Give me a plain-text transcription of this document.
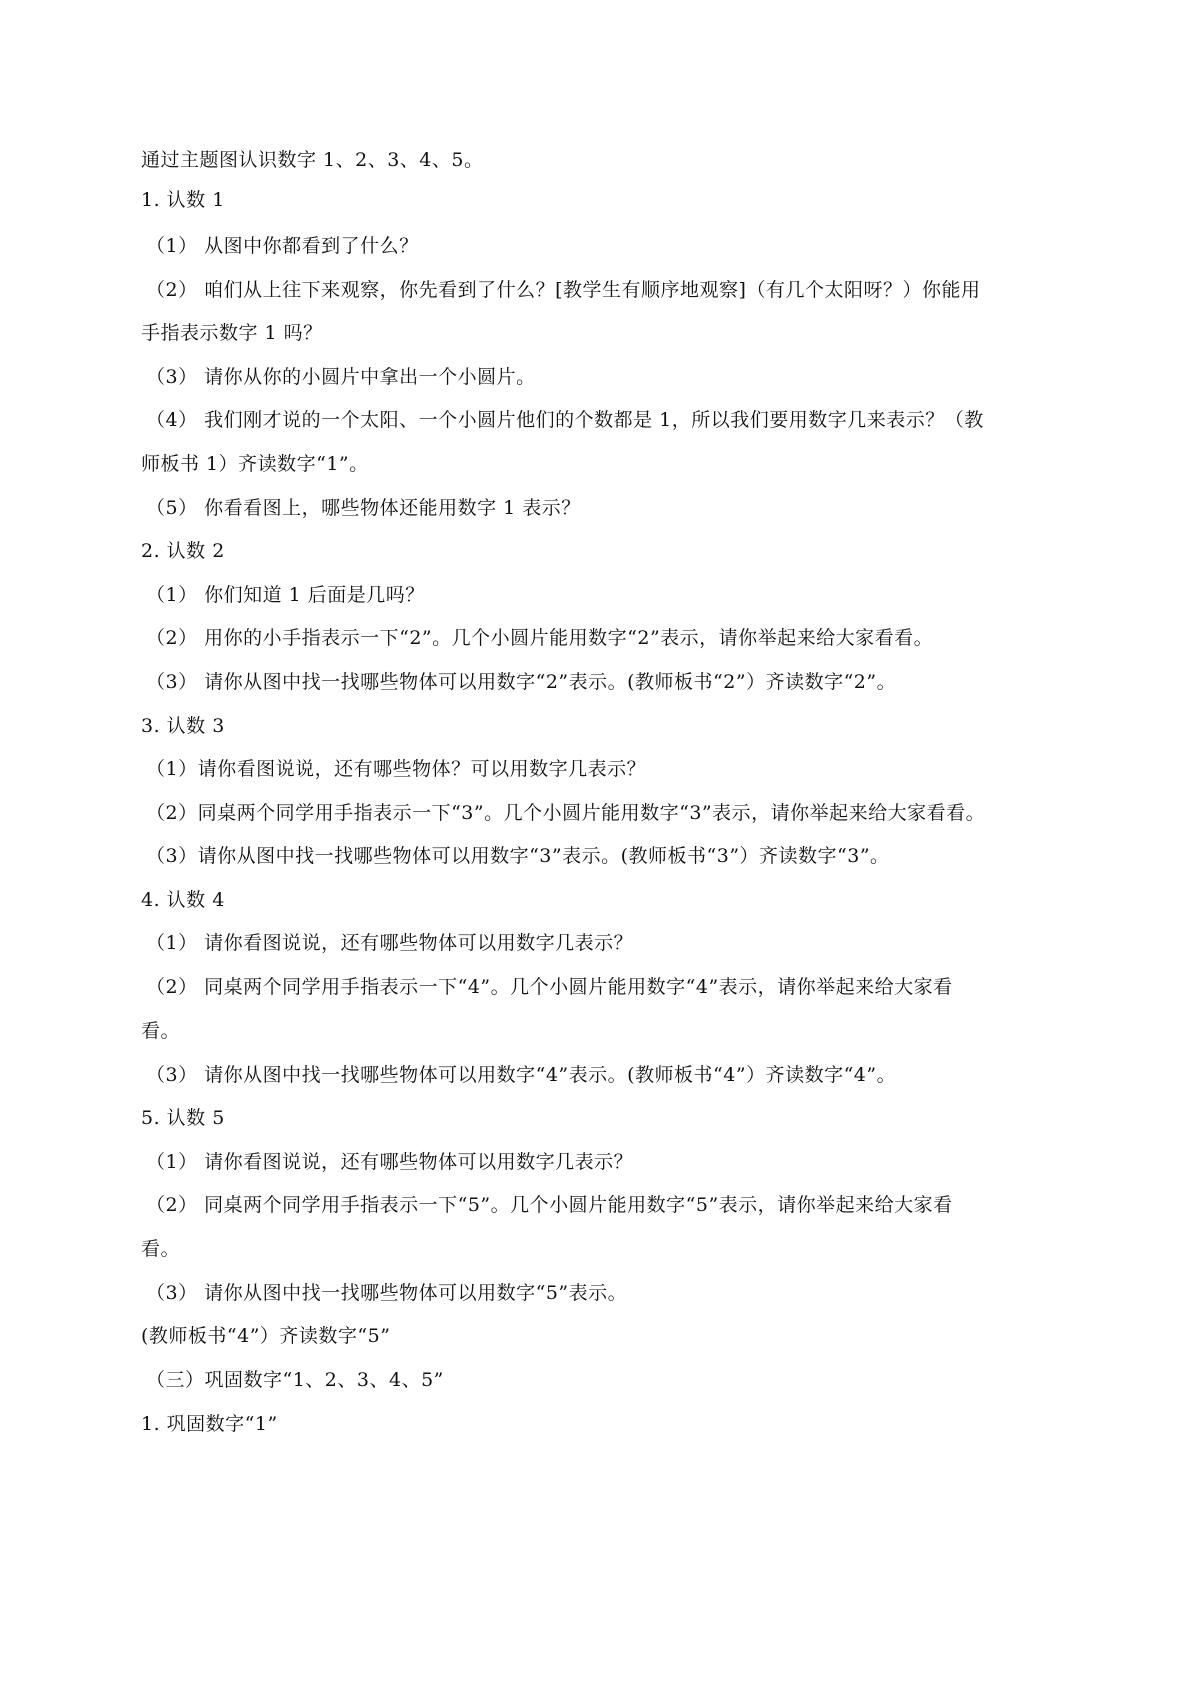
通过主题图认识数字 1、2、3、4、5。
1. 认数 1
（1） 从图中你都看到了什么？
（2） 咱们从上往下来观察，你先看到了什么？[教学生有顺序地观察]（有几个太阳呀？）你能用
手指表示数字 1 吗？
（3） 请你从你的小圆片中拿出一个小圆片。
（4） 我们刚才说的一个太阳、一个小圆片他们的个数都是 1，所以我们要用数字几来表示？（教
师板书 1）齐读数字“1”。
（5） 你看看图上，哪些物体还能用数字 1 表示？
2. 认数 2
（1） 你们知道 1 后面是几吗？
（2） 用你的小手指表示一下“2”。几个小圆片能用数字“2”表示，请你举起来给大家看看。
（3） 请你从图中找一找哪些物体可以用数字“2”表示。(教师板书“2”）齐读数字“2”。
3. 认数 3
（1）请你看图说说，还有哪些物体？可以用数字几表示？
（2）同桌两个同学用手指表示一下“3”。几个小圆片能用数字“3”表示，请你举起来给大家看看。
（3）请你从图中找一找哪些物体可以用数字“3”表示。(教师板书“3”）齐读数字“3”。
4. 认数 4
（1） 请你看图说说，还有哪些物体可以用数字几表示？
（2） 同桌两个同学用手指表示一下“4”。几个小圆片能用数字“4”表示，请你举起来给大家看
看。
（3） 请你从图中找一找哪些物体可以用数字“4”表示。(教师板书“4”）齐读数字“4”。
5. 认数 5
（1） 请你看图说说，还有哪些物体可以用数字几表示？
（2） 同桌两个同学用手指表示一下“5”。几个小圆片能用数字“5”表示，请你举起来给大家看
看。
（3） 请你从图中找一找哪些物体可以用数字“5”表示。
(教师板书“4”）齐读数字“5”
（三）巩固数字“1、2、3、4、5”
1. 巩固数字“1”
